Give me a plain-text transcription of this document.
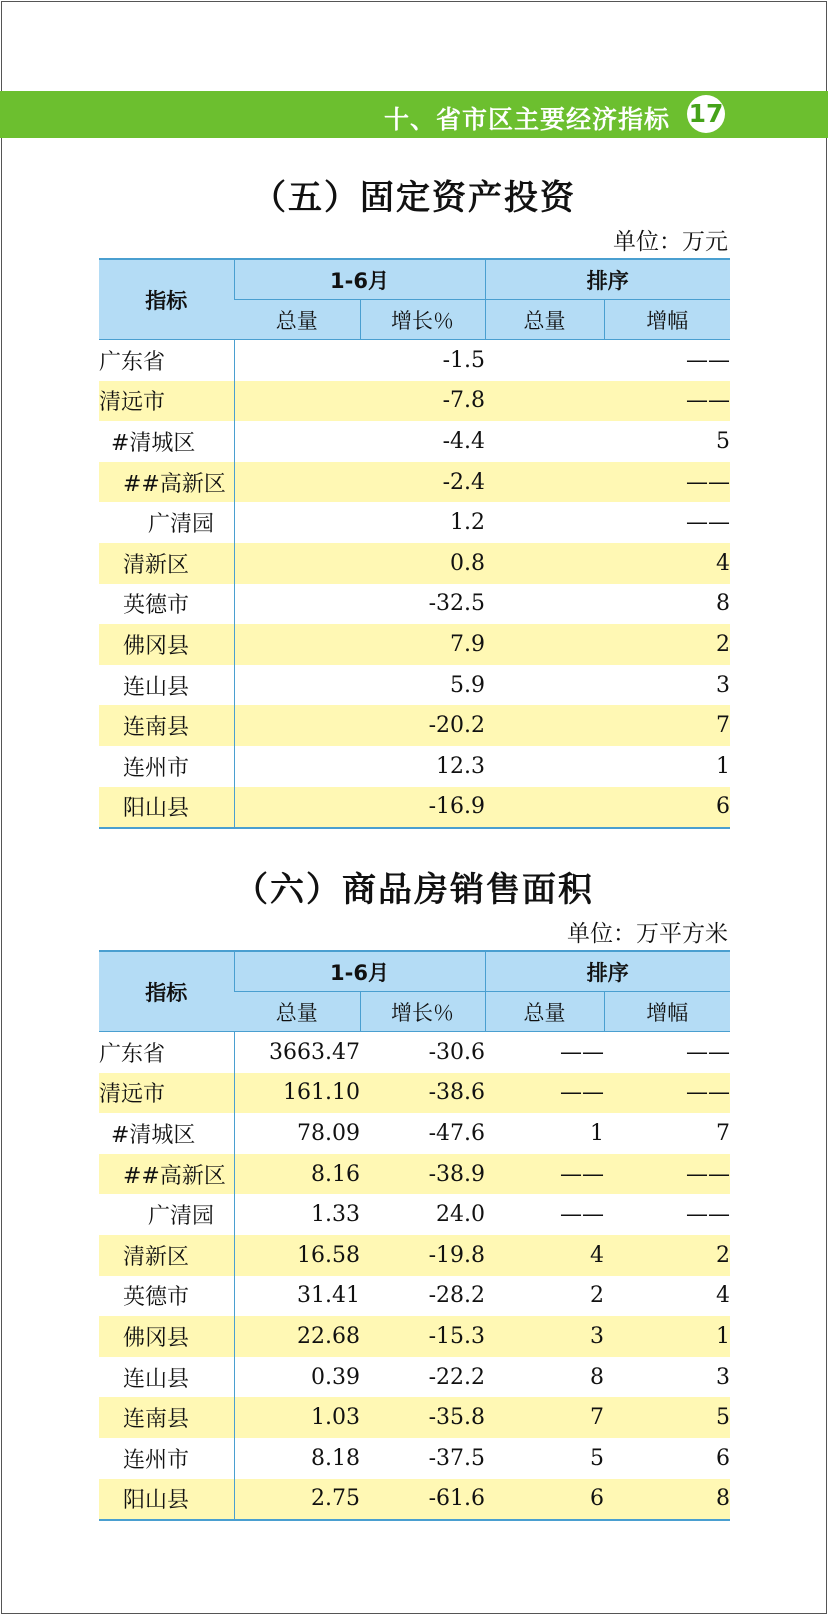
十、省市区主要经济指标 17
（五）固定资产投资
单位：万元
指标	1-6月		排序	
	总量	增长％	总量	增幅
广东省		-1.5		——
清远市		-7.8		——
#清城区		-4.4		5
##高新区		-2.4		——
广清园		1.2		——
清新区		0.8		4
英德市		-32.5		8
佛冈县		7.9		2
连山县		5.9		3
连南县		-20.2		7
连州市		12.3		1
阳山县		-16.9		6
（六）商品房销售面积
单位：万平方米
指标	1-6月		排序	
	总量	增长％	总量	增幅
广东省	3663.47	-30.6	——	——
清远市	161.10	-38.6	——	——
#清城区	78.09	-47.6	1	7
##高新区	8.16	-38.9	——	——
广清园	1.33	24.0	——	——
清新区	16.58	-19.8	4	2
英德市	31.41	-28.2	2	4
佛冈县	22.68	-15.3	3	1
连山县	0.39	-22.2	8	3
连南县	1.03	-35.8	7	5
连州市	8.18	-37.5	5	6
阳山县	2.75	-61.6	6	8
